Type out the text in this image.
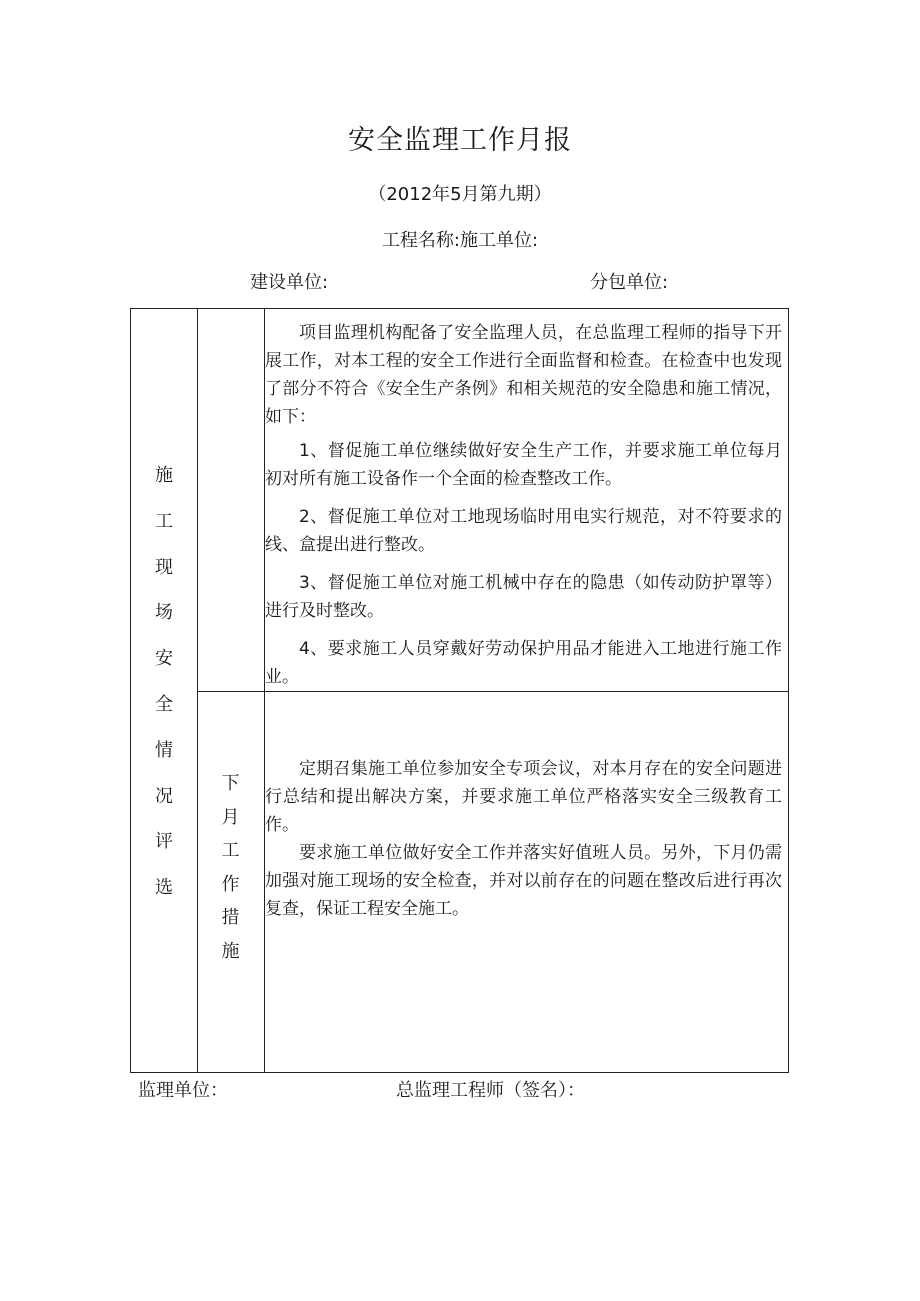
安全监理工作月报
（2012年5月第九期）
工程名称:施工单位:
建设单位:	分包单位:
施
工
现
场
安
全
情
况
评
选

项目监理机构配备了安全监理人员，在总监理工程师的指导下开展工作，对本工程的安全工作进行全面监督和检查。在检查中也发现了部分不符合《安全生产条例》和相关规范的安全隐患和施工情况，如下：

1、督促施工单位继续做好安全生产工作，并要求施工单位每月初对所有施工设备作一个全面的检查整改工作。

2、督促施工单位对工地现场临时用电实行规范，对不符要求的线、盒提出进行整改。

3、督促施工单位对施工机械中存在的隐患（如传动防护罩等）进行及时整改。

4、要求施工人员穿戴好劳动保护用品才能进入工地进行施工作业。

下
月
工
作
措
施

定期召集施工单位参加安全专项会议，对本月存在的安全问题进行总结和提出解决方案，并要求施工单位严格落实安全三级教育工作。

要求施工单位做好安全工作并落实好值班人员。另外，下月仍需加强对施工现场的安全检查，并对以前存在的问题在整改后进行再次复查，保证工程安全施工。

监理单位：	总监理工程师（签名）：
